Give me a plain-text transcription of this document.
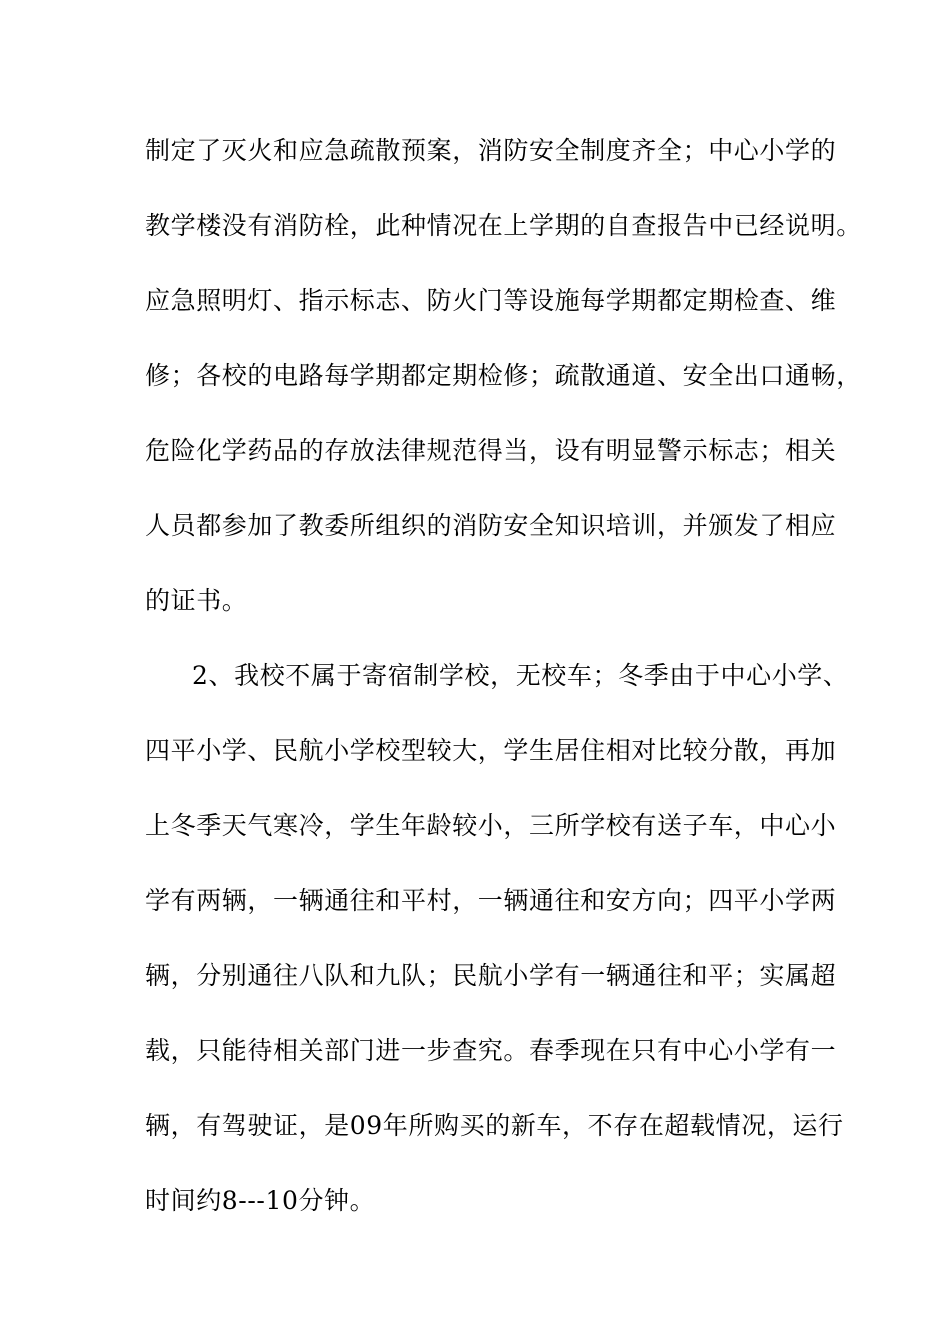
制定了灭火和应急疏散预案，消防安全制度齐全；中心小学的
教学楼没有消防栓，此种情况在上学期的自查报告中已经说明。
应急照明灯、指示标志、防火门等设施每学期都定期检查、维
修；各校的电路每学期都定期检修；疏散通道、安全出口通畅，
危险化学药品的存放法律规范得当，设有明显警示标志；相关
人员都参加了教委所组织的消防安全知识培训，并颁发了相应
的证书。
2、我校不属于寄宿制学校，无校车；冬季由于中心小学、
四平小学、民航小学校型较大，学生居住相对比较分散，再加
上冬季天气寒冷，学生年龄较小，三所学校有送子车，中心小
学有两辆，一辆通往和平村，一辆通往和安方向；四平小学两
辆，分别通往八队和九队；民航小学有一辆通往和平；实属超
载，只能待相关部门进一步查究。春季现在只有中心小学有一
辆，有驾驶证，是09年所购买的新车，不存在超载情况，运行
时间约8---10分钟。
